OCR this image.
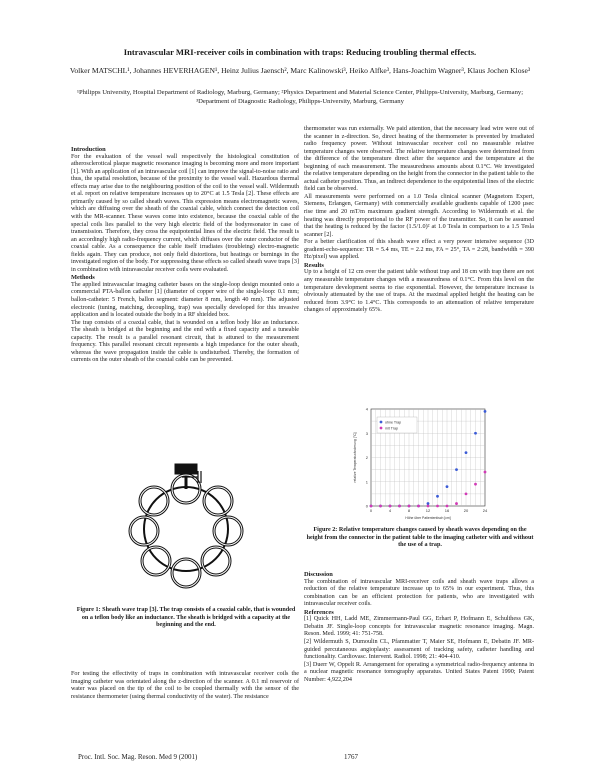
Intravascular MRI-receiver coils in combination with traps: Reducing troubling thermal effects.
Volker MATSCHL¹, Johannes HEVERHAGEN¹, Heinz Julius Jaensch², Marc Kalinowski³, Heiko Alfke³, Hans-Joachim Wagner³, Klaus Jochen Klose³
¹Philipps University, Hospital Department of Radiology, Marburg, Germany; ²Physics Department and Material Science Center, Philipps-University, Marburg, Germany; ³Department of Diagnostic Radiology, Philipps-University, Marburg, Germany
Introduction

For the evaluation of the vessel wall respectively the histological constitution of atherosclerotical plaque magnetic resonance imaging is becoming more and more important [1]. With an application of an intravascular coil [1] can improve the signal-to-noise ratio and thus, the spatial resolution, because of the proximity to the vessel wall. Hazardous thermal effects may arise due to the neighbouring position of the coil to the vessel wall. Wildermuth et al. report on relative temperature increases up to 20°C at 1.5 Tesla [2]. These effects are primarily caused by so called sheath waves. This expression means electromagnetic waves, which are diffusing over the sheath of the coaxial cable, which connect the detection coil with the MR-scanner. These waves come into existence, because the coaxial cable of the special coils lies parallel to the very high electric field of the bodyresonator in case of transmission. Therefore, they cross the equipotential lines of the electric field. The result is an accordingly high radio-frequency current, which diffuses over the outer conductor of the coaxial cable. As a consequence the cable itself irradiates (troubleing) electro-magnetic fields again. They can produce, not only field distortions, but heatings or burnings in the investigated region of the body. For suppressing these effects so called sheath wave traps [3] in combination with intravascular receiver coils were evaluated.

Methods

The applied intravascular imaging catheter bases on the single-loop design mounted onto a commercial PTA-ballon catheter [1] (diameter of copper wire of the single-loop: 0.1 mm; ballon-catheter: 5 French, ballon segment: diameter 8 mm, length 40 mm). The adjusted electronic (tuning, matching, decoupling, trap) was specially developed for this invasive application and is located outside the body in a RF shielded box.

The trap consists of a coaxial cable, that is wounded on a teflon body like an inductance. The sheath is bridged at the beginning and the end with a fixed capacity and a tuneable capacity. The result is a parallel resonant circuit, that is attuned to the measurement frequency. This parallel resonant circuit represents a high impedance for the outer sheath, whereas the wave propagation inside the cable is undisturbed. Thereby, the formation of currents on the outer sheath of the coaxial cable can be prevented.

Figure 1: Sheath wave trap [3]. The trap consists of a coaxial cable, that is wounded on a teflon body like an inductance. The sheath is bridged with a capacity at the beginning and the end.

For testing the effectivity of traps in combination with intravascular receiver coils the imaging catheter was orientated along the z-direction of the scanner. A 0.1 ml reservoir of water was placed on the tip of the coil to be coupled thermally with the sensor of the resistance thermometer (using thermal conductivity of the water). The resistance

thermometer was run externally. We paid attention, that the necessary lead wire were out of the scanner in z-direction. So, direct heating of the thermometer is prevented by irradiated radio frequency power. Without intravascular receiver coil no measurable relative temperature changes were observed. The relative temperature changes were determined from the difference of the temperature direct after the sequence and the temperature at the beginning of each measurement. The measuredness amounts about 0.1°C. We investigated the relative temperature depending on the height from the connector in the patient table to the actual catheter position. Thus, an indirect dependence to the equipotential lines of the electric field can be observed.

All measurements were performed on a 1.0 Tesla clinical scanner (Magnetom Expert, Siemens, Erlangen, Germany) with commercially available gradients capable of 1200 µsec rise time and 20 mT/m maximum gradient strength. According to Wildermuth et al. the heating was directly proportional to the RF power of the transmitter. So, it can be assumed that the heating is reduced by the factor (1.5/1.0)² at 1.0 Tesla in comparison to a 1.5 Tesla scanner [2].

For a better clarification of this sheath wave effect a very power intensive sequence (3D gradient-echo-sequence: TR = 5.4 ms, TE = 2.2 ms, FA = 25°, TA = 2:28, bandwidth = 390 Hz/pixel) was applied.

Results

Up to a height of 12 cm over the patient table without trap and 18 cm with trap there are not any measurable temperature changes with a measuredness of 0.1°C. From this level on the temperature development seems to rise exponential. However, the temperature increase is obviously attenuated by the use of traps. At the maximal applied height the heating can be reduced from 3.9°C to 1.4°C. This corresponds to an attenuation of relative temperature changes of approximately 65%.

0
1
2
3
4
0	4	8	12	16	20	24
Höhe über Patiententisch [cm]
relative Temperaturänderung [°C]
ohne Trap
mit Trap
Figure 2: Relative temperature changes caused by sheath waves depending on the height from the connector in the patient table to the imaging catheter with and without the use of a trap.
Discussion

The combination of intravascular MRI-receiver coils and sheath wave traps allows a reduction of the relative temperature increase up to 65% in our experiment. Thus, this combination can be an efficient protection for patients, who are investigated with intravascular receiver coils.

References

[1] Quick HH, Ladd ME, Zimmermann-Paul GG, Erhart P, Hofmann E, Schulthess GK, Debatin JF. Single-loop concepts for intravascular magnetic resonance imaging. Magn. Reson. Med. 1999; 41: 751-758.

[2] Wildermuth S, Dumoulin CL, Pfammatter T, Maier SE, Hofmann E, Debatin JF. MR-guided percutaneous angioplasty: assessment of tracking safety, catheter handling and functionality. Cardiovasc. Intervent. Radiol. 1998; 21: 404-410.

[3] Duerr W, Oppelt R. Arrangement for operating a symmetrical radio-frequency antenna in a nuclear magnetic resonance tomography apparatus. United States Patent 1990; Patent Number: 4,922,204

Proc. Intl. Soc. Mag. Reson. Med 9 (2001)	1767
